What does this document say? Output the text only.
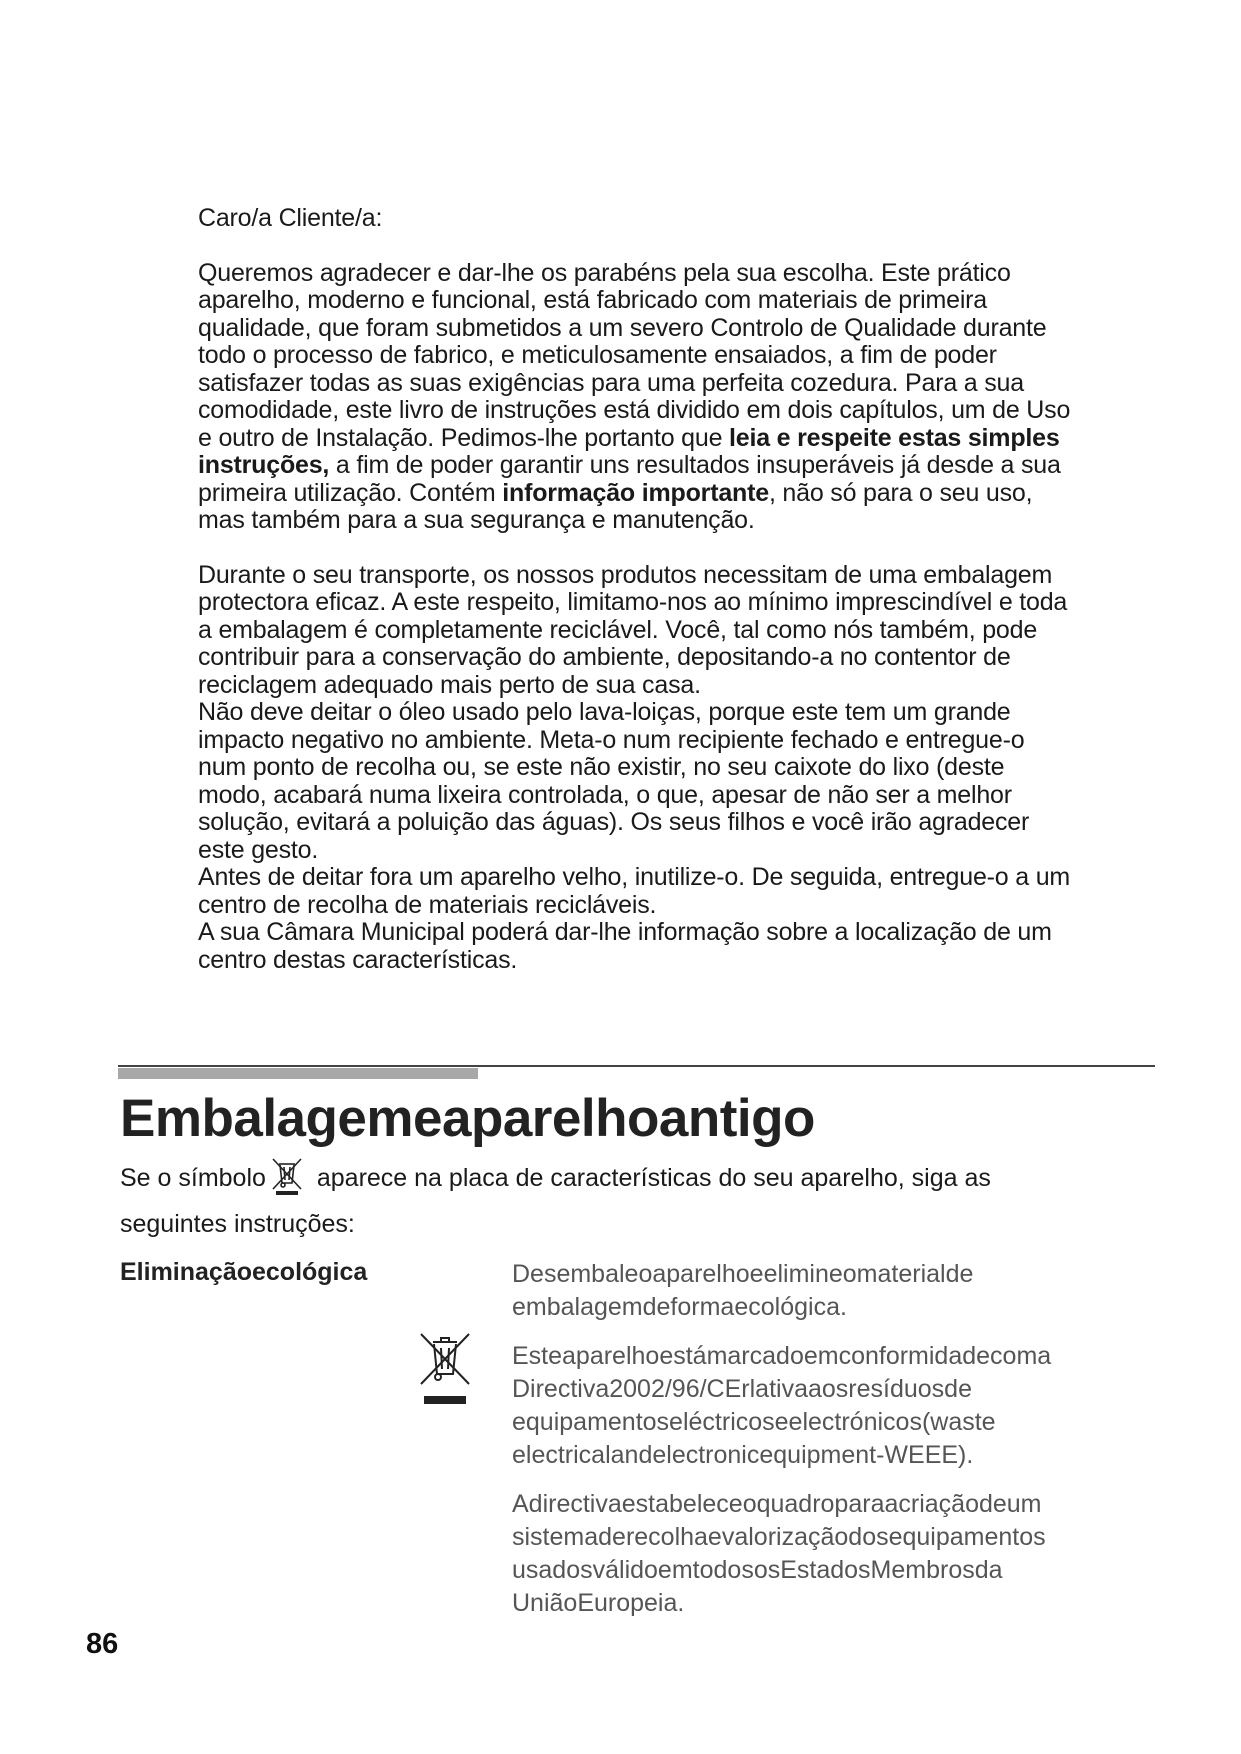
Caro/a Cliente/a:

Queremos agradecer e dar-lhe os parabéns pela sua escolha. Este prático aparelho, moderno e funcional, está fabricado com materiais de primeira qualidade, que foram submetidos a um severo Controlo de Qualidade durante todo o processo de fabrico, e meticulosamente ensaiados, a fim de poder satisfazer todas as suas exigências para uma perfeita cozedura. Para a sua comodidade, este livro de instruções está dividido em dois capítulos, um de Uso e outro de Instalação. Pedimos-lhe portanto que leia e respeite estas simples instruções, a fim de poder garantir uns resultados insuperáveis já desde a sua primeira utilização. Contém informação importante, não só para o seu uso, mas também para a sua segurança e manutenção.

Durante o seu transporte, os nossos produtos necessitam de uma embalagem protectora eficaz. A este respeito, limitamo-nos ao mínimo imprescindível e toda a embalagem é completamente reciclável. Você, tal como nós também, pode contribuir para a conservação do ambiente, depositando-a no contentor de reciclagem adequado mais perto de sua casa.

Não deve deitar o óleo usado pelo lava-loiças, porque este tem um grande impacto negativo no ambiente. Meta-o num recipiente fechado e entregue-o num ponto de recolha ou, se este não existir, no seu caixote do lixo (deste modo, acabará numa lixeira controlada, o que, apesar de não ser a melhor solução, evitará a poluição das águas). Os seus filhos e você irão agradecer este gesto.

Antes de deitar fora um aparelho velho, inutilize-o. De seguida, entregue-o a um centro de recolha de materiais recicláveis.

A sua Câmara Municipal poderá dar-lhe informação sobre a localização de um centro destas características.

Embalagemeaparelhoantigo
Se o símbolo aparece na placa de características do seu aparelho, siga as
seguintes instruções:
Eliminaçãoecológica	Desembaleoaparelhoeelimineomaterialde embalagemdeformaecológica.

Esteaparelhoestámarcadoemconformidadecoma Directiva2002/96/CErlativaaosresíduosde equipamentoseléctricoseelectrónicos(waste electricalandelectronicequipment-WEEE).

Adirectivaestabeleceoquadroparaacriaçãodeum sistemaderecolhaevalorizaçãodosequipamentos usadosválidoemtodososEstadosMembrosda UniãoEuropeia.

86
